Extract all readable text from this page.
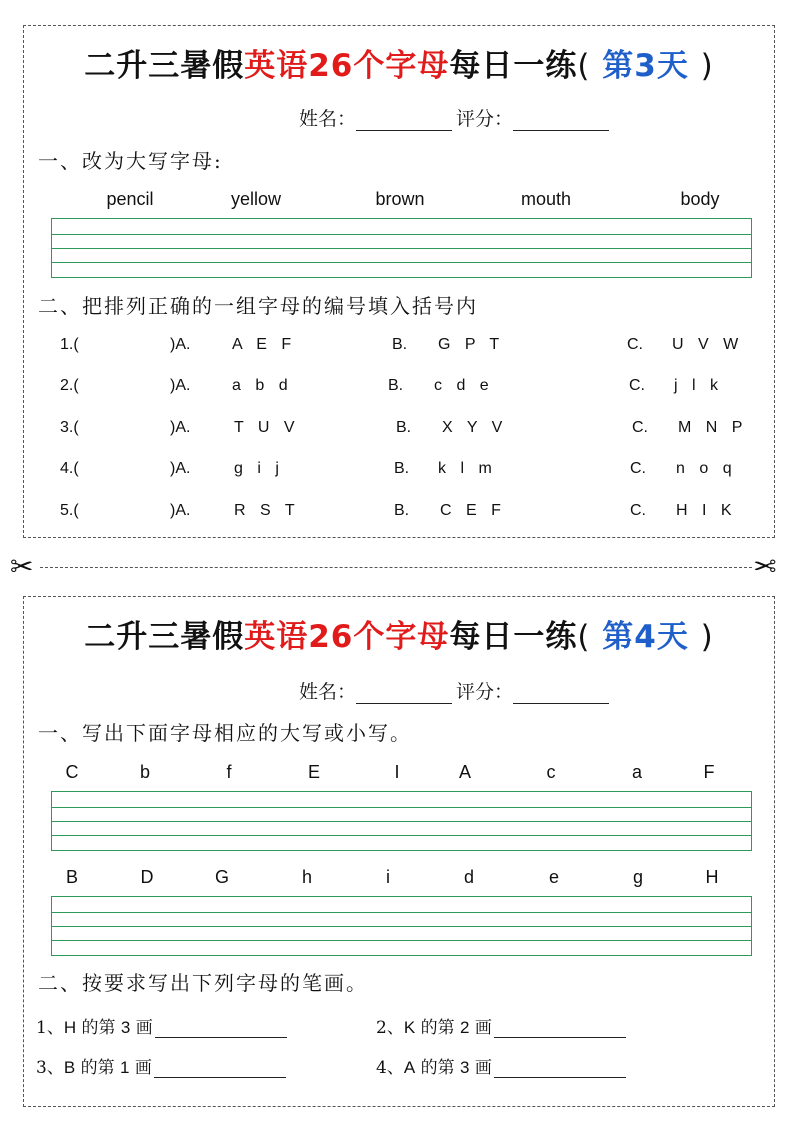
二升三暑假英语26个字母每日一练( 第3天 )
姓名：	评分：
一、改为大写字母:
pencil	yellow	brown	mouth	body
二、把排列正确的一组字母的编号填入括号内
1.(	)A.	A E F	B. G P T	C. U V W
2.(	)A.	a b d	B. c d e	C. j l k
3.(	)A.	T U V	B. X Y V	C. M N P
4.(	)A.	g i j	B. k l m	C. n o q
5.(	)A.	R S T	B. C E F	C. H I K
✂	✂
二升三暑假英语26个字母每日一练( 第4天 )
姓名：	评分：
一、写出下面字母相应的大写或小写。
C	b	f	E	I	A	c	a	F
B	D	G	h	i	d	e	g	H
二、按要求写出下列字母的笔画。
1、H 的第 3 画	2、K 的第 2 画
3、B 的第 1 画	4、A 的第 3 画
